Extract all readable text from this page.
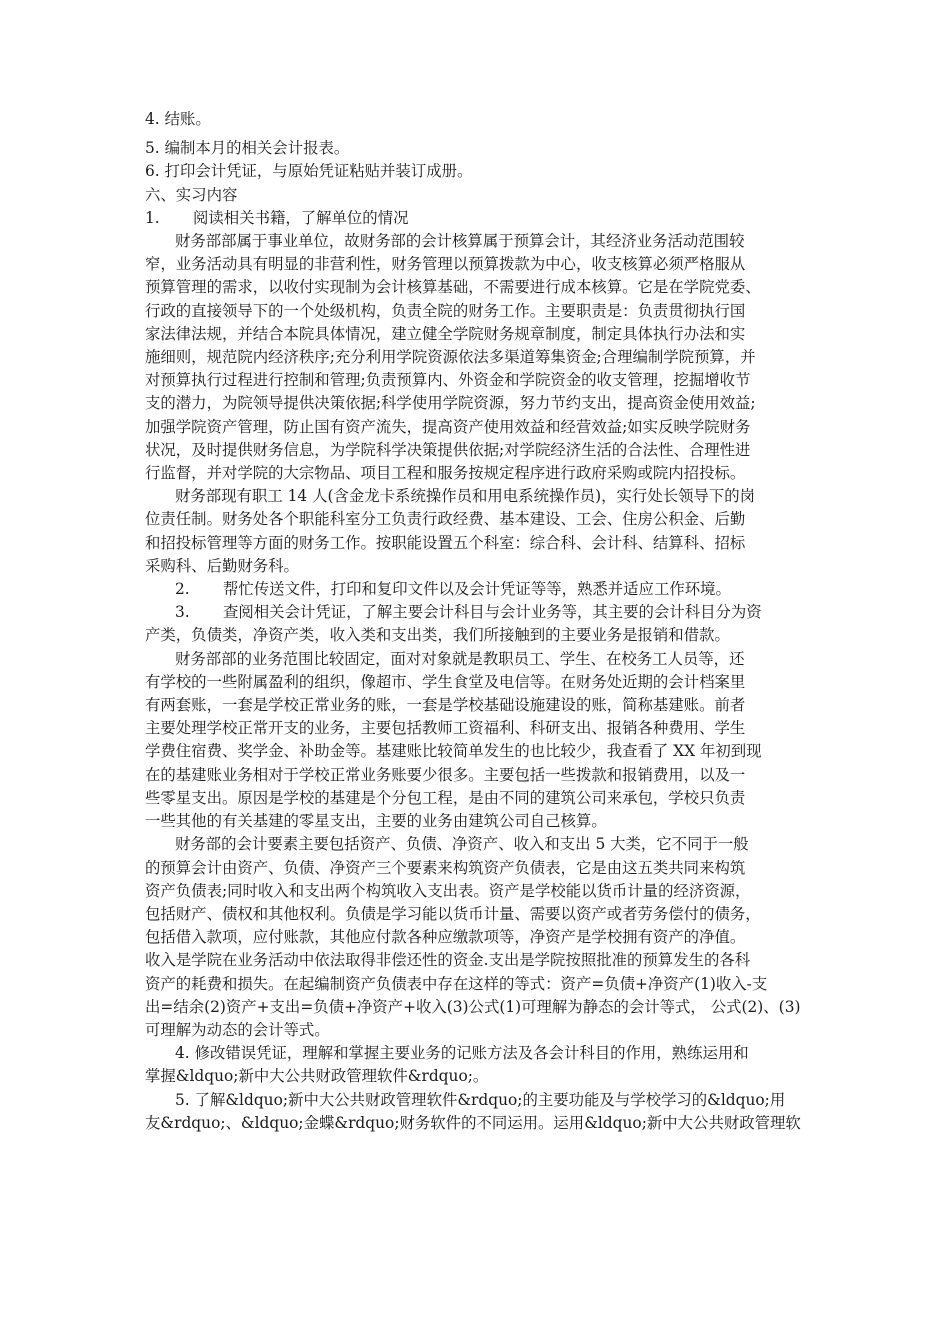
4. 结账。
5. 编制本月的相关会计报表。
6. 打印会计凭证，与原始凭证粘贴并装订成册。
六、实习内容
1. 阅读相关书籍，了解单位的情况
财务部部属于事业单位，故财务部的会计核算属于预算会计，其经济业务活动范围较
窄，业务活动具有明显的非营利性，财务管理以预算拨款为中心，收支核算必须严格服从
预算管理的需求，以收付实现制为会计核算基础，不需要进行成本核算。它是在学院党委、
行政的直接领导下的一个处级机构，负责全院的财务工作。主要职责是：负责贯彻执行国
家法律法规，并结合本院具体情况，建立健全学院财务规章制度，制定具体执行办法和实
施细则，规范院内经济秩序;充分利用学院资源依法多渠道筹集资金;合理编制学院预算，并
对预算执行过程进行控制和管理;负责预算内、外资金和学院资金的收支管理，挖掘增收节
支的潜力，为院领导提供决策依据;科学使用学院资源，努力节约支出，提高资金使用效益;
加强学院资产管理，防止国有资产流失，提高资产使用效益和经营效益;如实反映学院财务
状况，及时提供财务信息，为学院科学决策提供依据;对学院经济生活的合法性、合理性进
行监督，并对学院的大宗物品、项目工程和服务按规定程序进行政府采购或院内招投标。
财务部现有职工 14 人(含金龙卡系统操作员和用电系统操作员)，实行处长领导下的岗
位责任制。财务处各个职能科室分工负责行政经费、基本建设、工会、住房公积金、后勤
和招投标管理等方面的财务工作。按职能设置五个科室：综合科、会计科、结算科、招标
采购科、后勤财务科。
2. 帮忙传送文件，打印和复印文件以及会计凭证等等，熟悉并适应工作环境。
3. 查阅相关会计凭证，了解主要会计科目与会计业务等，其主要的会计科目分为资
产类，负债类，净资产类，收入类和支出类，我们所接触到的主要业务是报销和借款。
财务部部的业务范围比较固定，面对对象就是教职员工、学生、在校务工人员等，还
有学校的一些附属盈利的组织，像超市、学生食堂及电信等。在财务处近期的会计档案里
有两套账，一套是学校正常业务的账，一套是学校基础设施建设的账，简称基建账。前者
主要处理学校正常开支的业务，主要包括教师工资福利、科研支出、报销各种费用、学生
学费住宿费、奖学金、补助金等。基建账比较简单发生的也比较少，我查看了 XX 年初到现
在的基建账业务相对于学校正常业务账要少很多。主要包括一些拨款和报销费用，以及一
些零星支出。原因是学校的基建是个分包工程，是由不同的建筑公司来承包，学校只负责
一些其他的有关基建的零星支出，主要的业务由建筑公司自己核算。
财务部的会计要素主要包括资产、负债、净资产、收入和支出 5 大类，它不同于一般
的预算会计由资产、负债、净资产三个要素来构筑资产负债表，它是由这五类共同来构筑
资产负债表;同时收入和支出两个构筑收入支出表。资产是学校能以货币计量的经济资源，
包括财产、债权和其他权利。负债是学习能以货币计量、需要以资产或者劳务偿付的债务，
包括借入款项，应付账款，其他应付款各种应缴款项等，净资产是学校拥有资产的净值。
收入是学院在业务活动中依法取得非偿还性的资金.支出是学院按照批准的预算发生的各科
资产的耗费和损失。在起编制资产负债表中存在这样的等式：资产=负债+净资产(1)收入-支
出=结余(2)资产+支出=负债+净资产+收入(3)公式(1)可理解为静态的会计等式， 公式(2)、(3)
可理解为动态的会计等式。
4. 修改错误凭证，理解和掌握主要业务的记账方法及各会计科目的作用，熟练运用和
掌握&ldquo;新中大公共财政管理软件&rdquo;。
5. 了解&ldquo;新中大公共财政管理软件&rdquo;的主要功能及与学校学习的&ldquo;用
友&rdquo;、&ldquo;金蝶&rdquo;财务软件的不同运用。运用&ldquo;新中大公共财政管理软
